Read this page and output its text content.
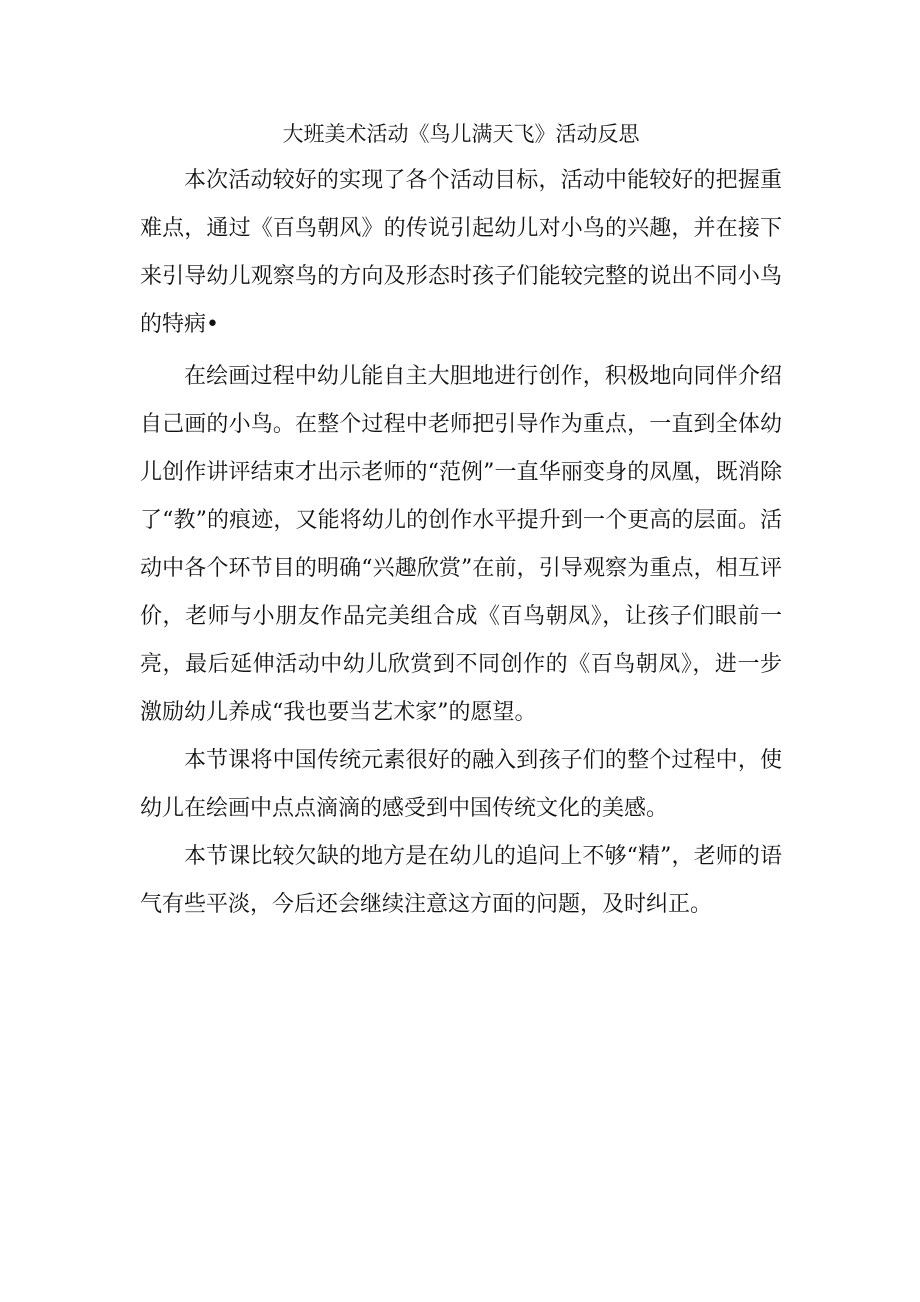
大班美术活动《鸟儿满天飞》活动反思

本次活动较好的实现了各个活动目标，活动中能较好的把握重难点，通过《百鸟朝风》的传说引起幼儿对小鸟的兴趣，并在接下来引导幼儿观察鸟的方向及形态时孩子们能较完整的说出不同小鸟的特病•

在绘画过程中幼儿能自主大胆地进行创作，积极地向同伴介绍自己画的小鸟。在整个过程中老师把引导作为重点，一直到全体幼儿创作讲评结束才出示老师的“范例”一直华丽变身的凤凰，既消除了“教”的痕迹，又能将幼儿的创作水平提升到一个更高的层面。活动中各个环节目的明确“兴趣欣赏”在前，引导观察为重点，相互评价，老师与小朋友作品完美组合成《百鸟朝凤》，让孩子们眼前一亮，最后延伸活动中幼儿欣赏到不同创作的《百鸟朝凤》，进一步激励幼儿养成“我也要当艺术家”的愿望。

本节课将中国传统元素很好的融入到孩子们的整个过程中，使幼儿在绘画中点点滴滴的感受到中国传统文化的美感。

本节课比较欠缺的地方是在幼儿的追问上不够“精”，老师的语气有些平淡，今后还会继续注意这方面的问题，及时纠正。
